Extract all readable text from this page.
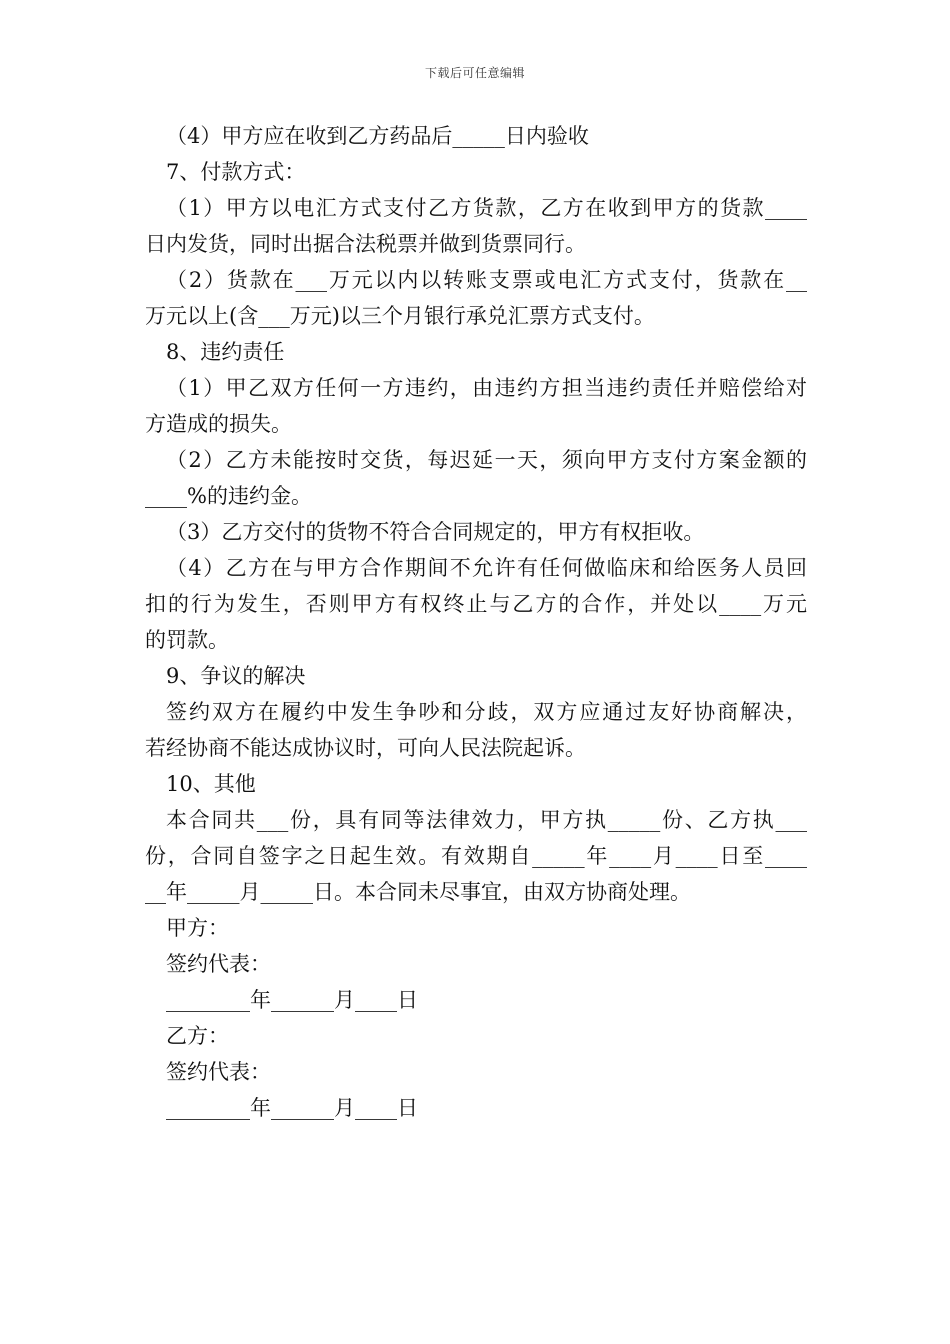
下载后可任意编辑
（4）甲方应在收到乙方药品后_____日内验收
7、付款方式：
（1）甲方以电汇方式支付乙方货款，乙方在收到甲方的货款____
日内发货，同时出据合法税票并做到货票同行。
（2）货款在___万元以内以转账支票或电汇方式支付，货款在__
万元以上(含___万元)以三个月银行承兑汇票方式支付。
8、违约责任
（1）甲乙双方任何一方违约，由违约方担当违约责任并赔偿给对
方造成的损失。
（2）乙方未能按时交货，每迟延一天，须向甲方支付方案金额的
____%的违约金。
（3）乙方交付的货物不符合合同规定的，甲方有权拒收。
（4）乙方在与甲方合作期间不允许有任何做临床和给医务人员回
扣的行为发生，否则甲方有权终止与乙方的合作，并处以____万元
的罚款。
9、争议的解决
签约双方在履约中发生争吵和分歧，双方应通过友好协商解决，
若经协商不能达成协议时，可向人民法院起诉。
10、其他
本合同共___份，具有同等法律效力，甲方执_____份、乙方执___
份，合同自签字之日起生效。有效期自_____年____月____日至____
__年_____月_____日。本合同未尽事宜，由双方协商处理。
甲方：
签约代表：
________年______月____日
乙方：
签约代表：
________年______月____日
